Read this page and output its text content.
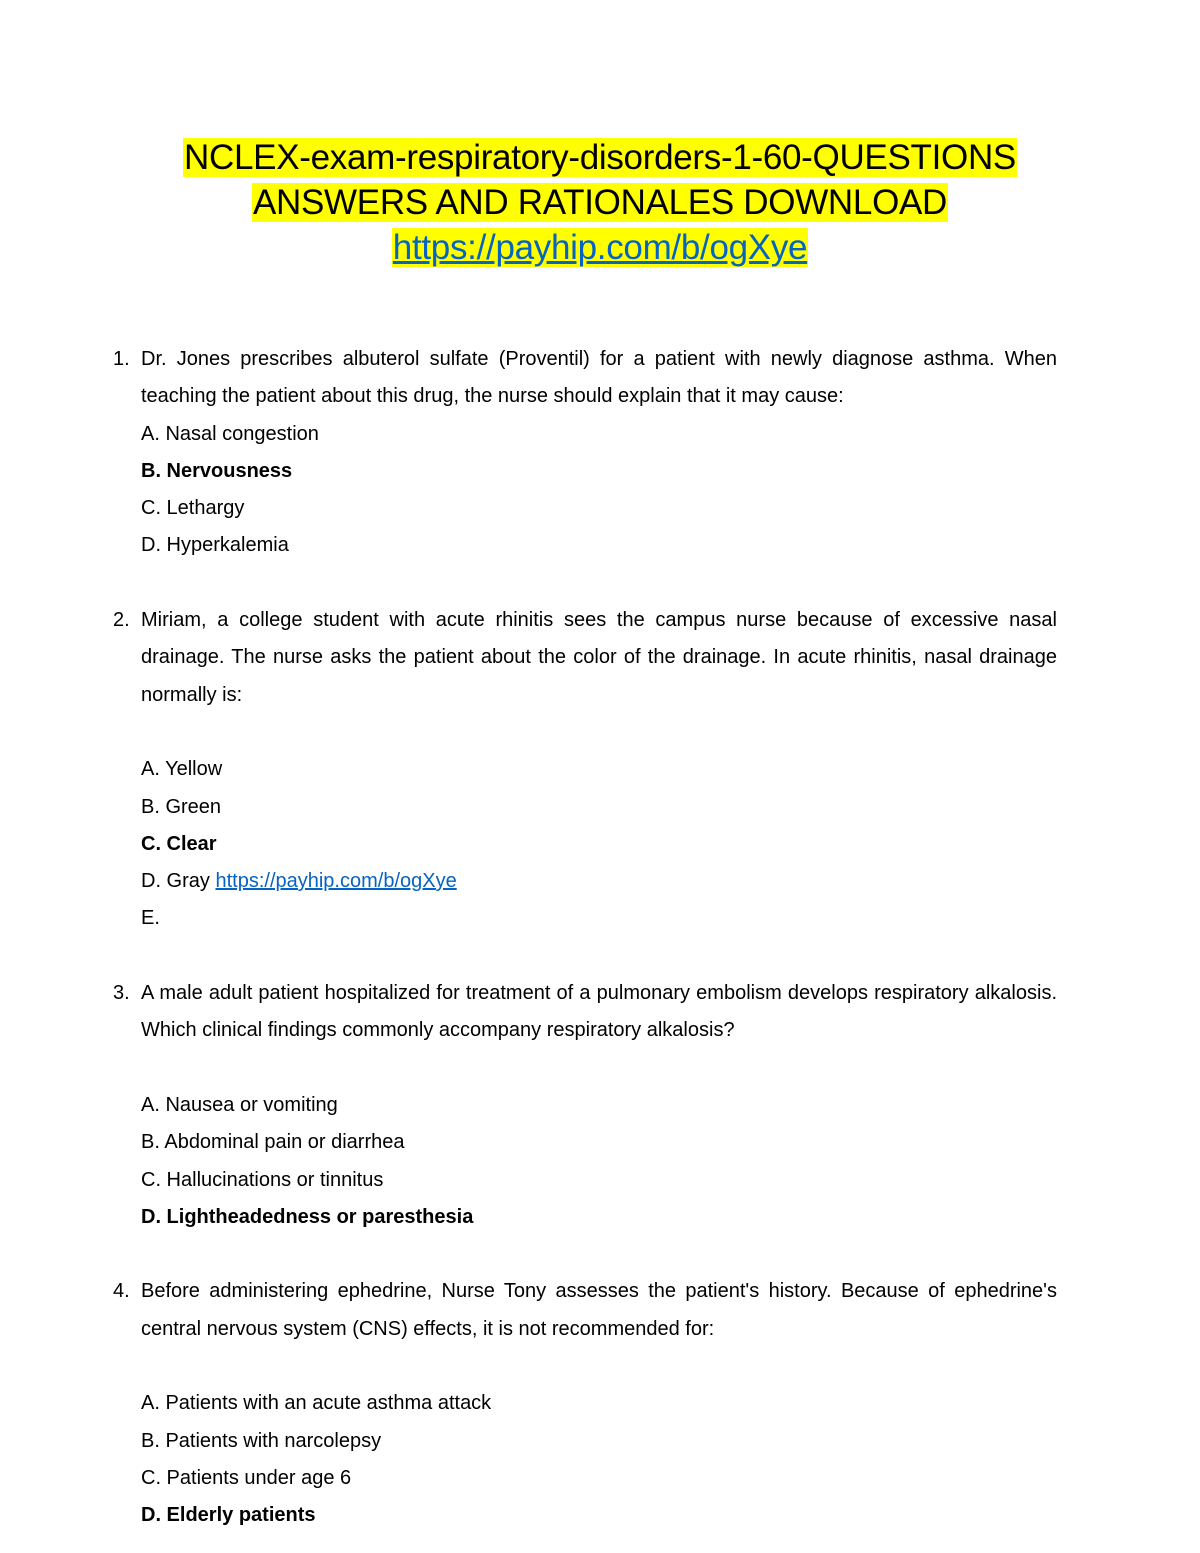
NCLEX-exam-respiratory-disorders-1-60-QUESTIONS
ANSWERS AND RATIONALES DOWNLOAD
https://payhip.com/b/ogXye
1. Dr. Jones prescribes albuterol sulfate (Proventil) for a patient with newly diagnose asthma. When teaching the patient about this drug, the nurse should explain that it may cause:
A. Nasal congestion
B. Nervousness
C. Lethargy
D. Hyperkalemia
2. Miriam, a college student with acute rhinitis sees the campus nurse because of excessive nasal drainage. The nurse asks the patient about the color of the drainage. In acute rhinitis, nasal drainage normally is:
A. Yellow
B. Green
C. Clear
D. Gray https://payhip.com/b/ogXye
E.
3. A male adult patient hospitalized for treatment of a pulmonary embolism develops respiratory alkalosis. Which clinical findings commonly accompany respiratory alkalosis?
A. Nausea or vomiting
B. Abdominal pain or diarrhea
C. Hallucinations or tinnitus
D. Lightheadedness or paresthesia
4. Before administering ephedrine, Nurse Tony assesses the patient's history. Because of ephedrine's central nervous system (CNS) effects, it is not recommended for:
A. Patients with an acute asthma attack
B. Patients with narcolepsy
C. Patients under age 6
D. Elderly patients
